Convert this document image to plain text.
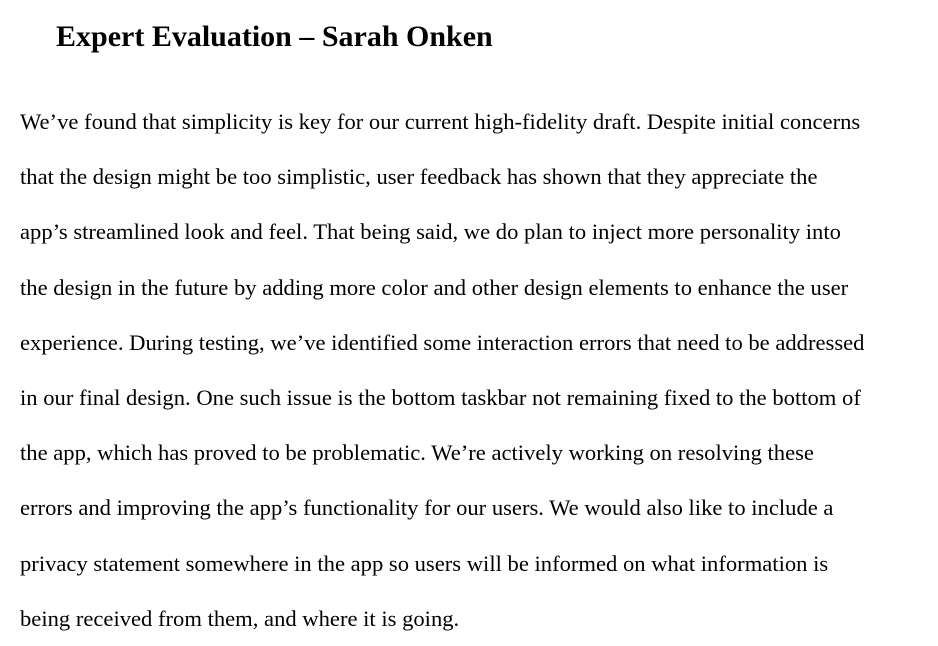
Expert Evaluation – Sarah Onken
We’ve found that simplicity is key for our current high-fidelity draft. Despite initial concerns
that the design might be too simplistic, user feedback has shown that they appreciate the
app’s streamlined look and feel. That being said, we do plan to inject more personality into
the design in the future by adding more color and other design elements to enhance the user
experience. During testing, we’ve identified some interaction errors that need to be addressed
in our final design. One such issue is the bottom taskbar not remaining fixed to the bottom of
the app, which has proved to be problematic. We’re actively working on resolving these
errors and improving the app’s functionality for our users. We would also like to include a
privacy statement somewhere in the app so users will be informed on what information is
being received from them, and where it is going.
